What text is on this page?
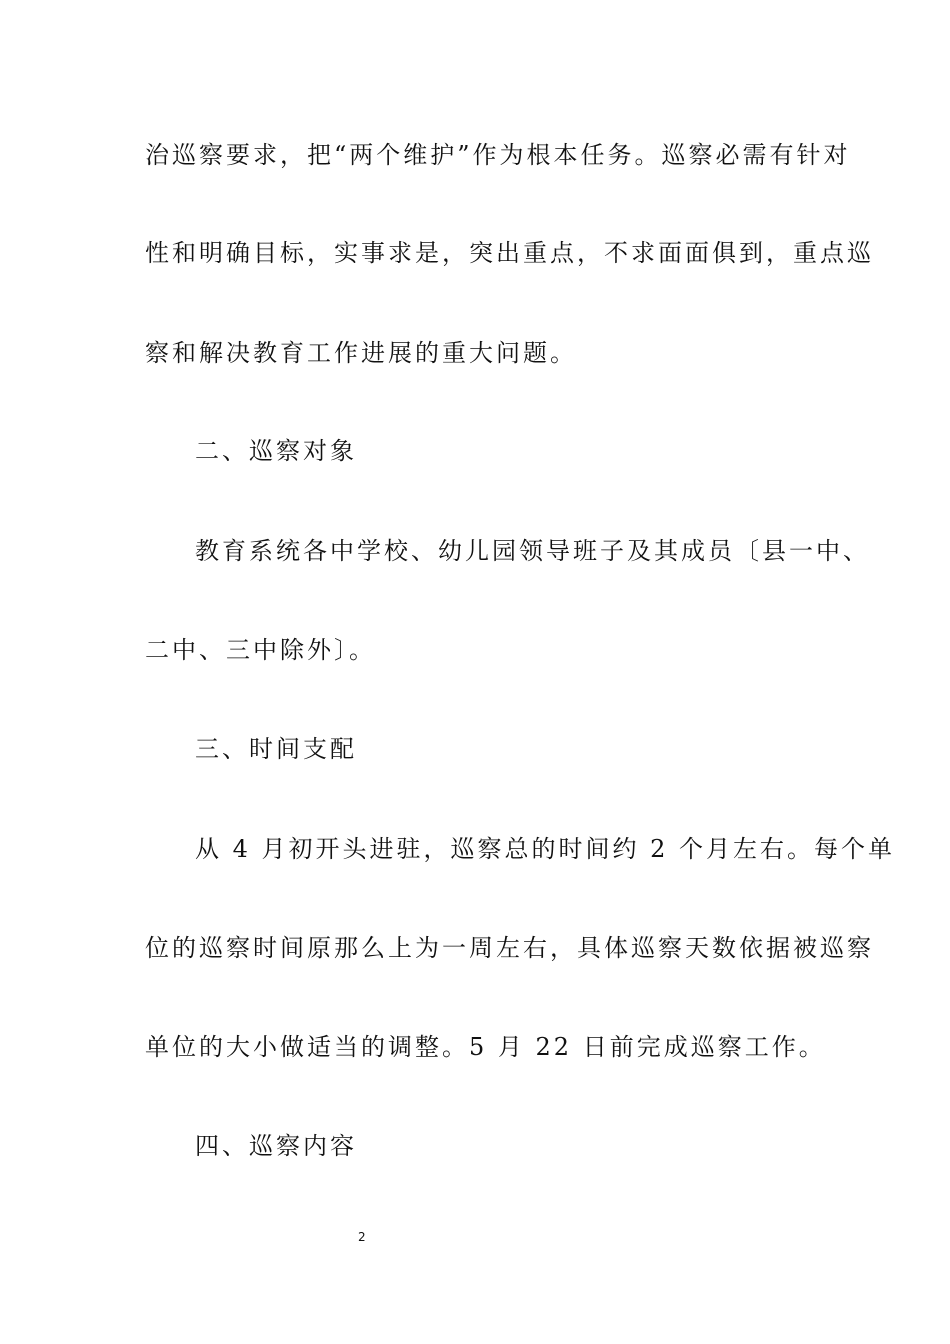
治巡察要求，把“两个维护”作为根本任务。巡察必需有针对
性和明确目标，实事求是，突出重点，不求面面俱到，重点巡
察和解决教育工作进展的重大问题。
二、巡察对象
教育系统各中学校、幼儿园领导班子及其成员〔县一中、
二中、三中除外〕。
三、时间支配
从 4 月初开头进驻，巡察总的时间约 2 个月左右。每个单
位的巡察时间原那么上为一周左右，具体巡察天数依据被巡察
单位的大小做适当的调整。5 月 22 日前完成巡察工作。
四、巡察内容
2
